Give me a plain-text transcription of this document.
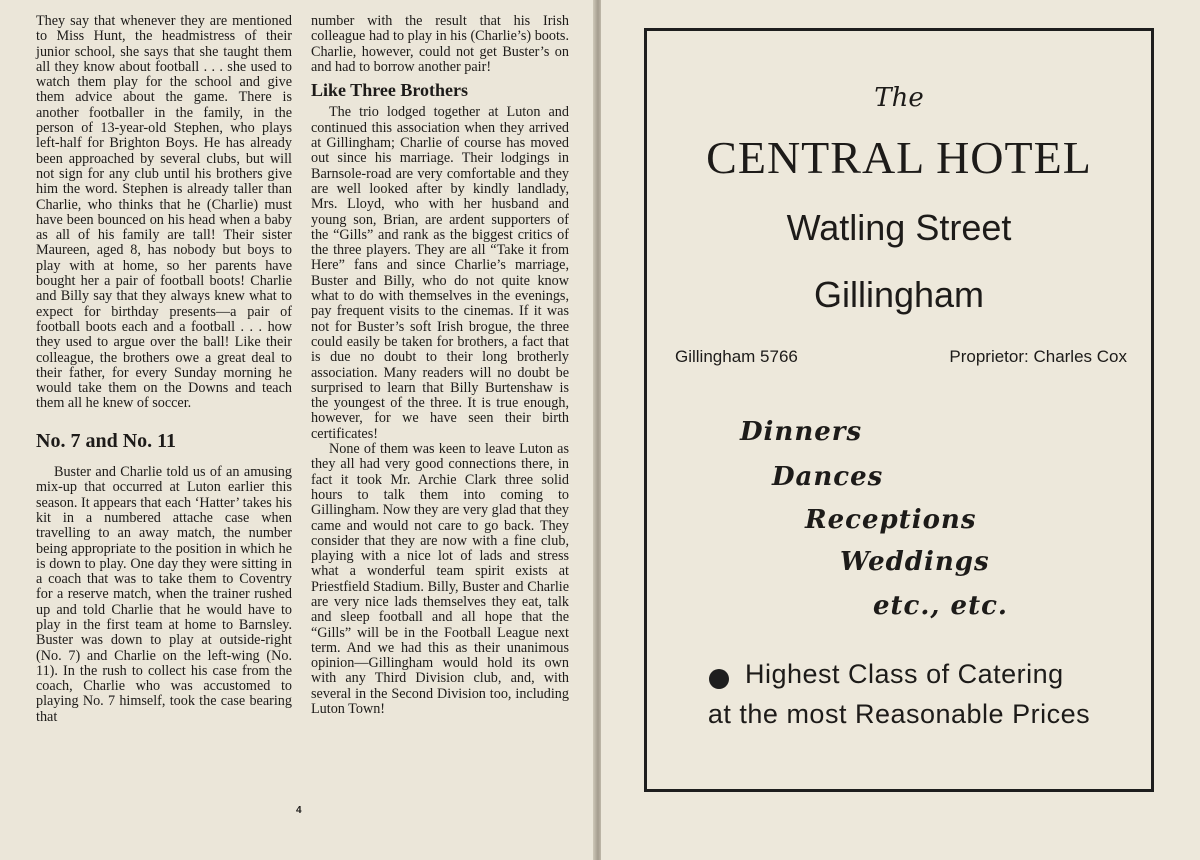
They say that whenever they are mentioned to Miss Hunt, the headmistress of their junior school, she says that she taught them all they know about football . . . she used to watch them play for the school and give them advice about the game. There is another footballer in the family, in the person of 13-year-old Stephen, who plays left-half for Brighton Boys. He has already been approached by several clubs, but will not sign for any club until his brothers give him the word. Stephen is already taller than Charlie, who thinks that he (Charlie) must have been bounced on his head when a baby as all of his family are tall! Their sister Maureen, aged 8, has nobody but boys to play with at home, so her parents have bought her a pair of football boots! Charlie and Billy say that they always knew what to expect for birthday presents—a pair of football boots each and a football . . . how they used to argue over the ball! Like their colleague, the brothers owe a great deal to their father, for every Sunday morning he would take them on the Downs and teach them all he knew of soccer.

No. 7 and No. 11

Buster and Charlie told us of an amusing mix-up that occurred at Luton earlier this season. It appears that each ‘Hatter’ takes his kit in a numbered attache case when travelling to an away match, the number being appropriate to the position in which he is down to play. One day they were sitting in a coach that was to take them to Coventry for a reserve match, when the trainer rushed up and told Charlie that he would have to play in the first team at home to Barnsley. Buster was down to play at outside-right (No. 7) and Charlie on the left-wing (No. 11). In the rush to collect his case from the coach, Charlie who was accustomed to playing No. 7 himself, took the case bearing that

number with the result that his Irish colleague had to play in his (Charlie’s) boots. Charlie, however, could not get Buster’s on and had to borrow another pair!

Like Three Brothers

The trio lodged together at Luton and continued this association when they arrived at Gillingham; Charlie of course has moved out since his marriage. Their lodgings in Barnsole-road are very comfortable and they are well looked after by kindly landlady, Mrs. Lloyd, who with her husband and young son, Brian, are ardent supporters of the “Gills” and rank as the biggest critics of the three players. They are all “Take it from Here” fans and since Charlie’s marriage, Buster and Billy, who do not quite know what to do with themselves in the evenings, pay frequent visits to the cinemas. If it was not for Buster’s soft Irish brogue, the three could easily be taken for brothers, a fact that is due no doubt to their long brotherly association. Many readers will no doubt be surprised to learn that Billy Burtenshaw is the youngest of the three. It is true enough, however, for we have seen their birth certificates!

None of them was keen to leave Luton as they all had very good connections there, in fact it took Mr. Archie Clark three solid hours to talk them into coming to Gillingham. Now they are very glad that they came and would not care to go back. They consider that they are now with a fine club, playing with a nice lot of lads and stress what a wonderful team spirit exists at Priestfield Stadium. Billy, Buster and Charlie are very nice lads themselves they eat, talk and sleep football and all hope that the “Gills” will be in the Football League next term. And we had this as their unanimous opinion—Gillingham would hold its own with any Third Division club, and, with several in the Second Division too, including Luton Town!

4
The
CENTRAL HOTEL
Watling Street
Gillingham
Gillingham 5766	Proprietor: Charles Cox
Dinners
Dances
Receptions
Weddings
etc., etc.
Highest Class of Catering
at the most Reasonable Prices
